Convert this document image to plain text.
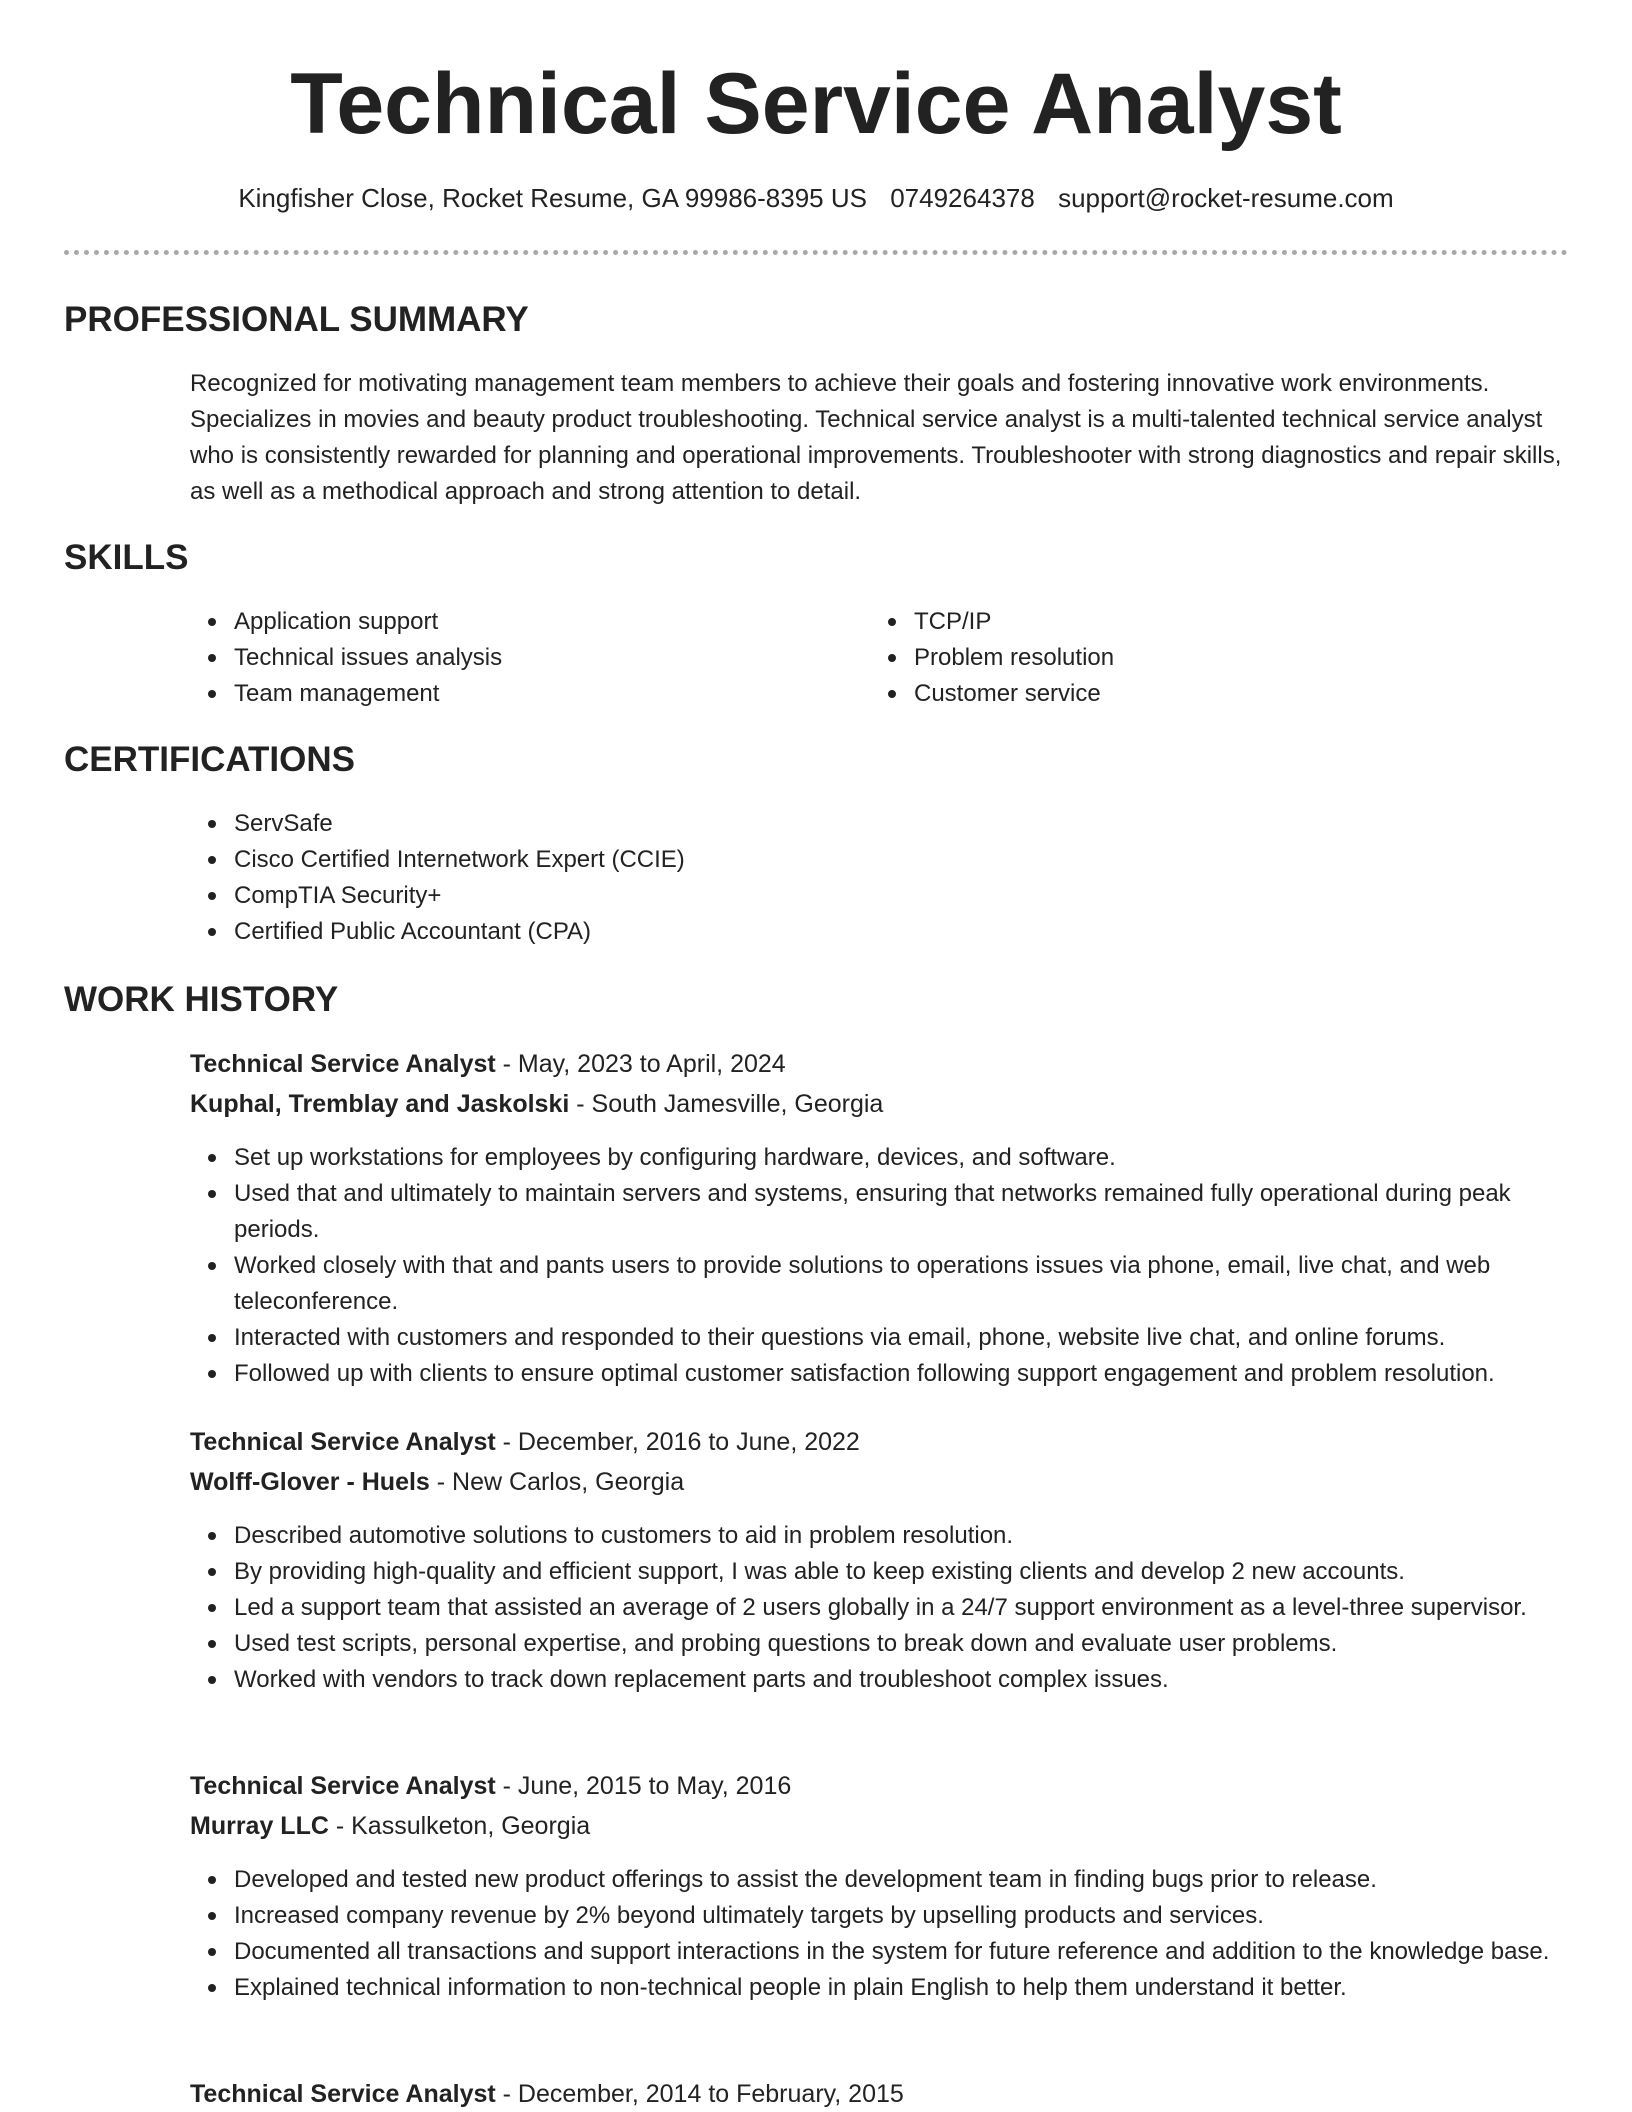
Technical Service Analyst
Kingfisher Close, Rocket Resume, GA 99986-8395 US 0749264378 support@rocket-resume.com
PROFESSIONAL SUMMARY

Recognized for motivating management team members to achieve their goals and fostering innovative work environments. Specializes in movies and beauty product troubleshooting. Technical service analyst is a multi-talented technical service analyst who is consistently rewarded for planning and operational improvements. Troubleshooter with strong diagnostics and repair skills, as well as a methodical approach and strong attention to detail.

SKILLS
Application support
Technical issues analysis
Team management
TCP/IP
Problem resolution
Customer service
CERTIFICATIONS
ServSafe
Cisco Certified Internetwork Expert (CCIE)
CompTIA Security+
Certified Public Accountant (CPA)
WORK HISTORY
Technical Service Analyst - May, 2023 to April, 2024
Kuphal, Tremblay and Jaskolski - South Jamesville, Georgia
Set up workstations for employees by configuring hardware, devices, and software.
Used that and ultimately to maintain servers and systems, ensuring that networks remained fully operational during peak periods.
Worked closely with that and pants users to provide solutions to operations issues via phone, email, live chat, and web teleconference.
Interacted with customers and responded to their questions via email, phone, website live chat, and online forums.
Followed up with clients to ensure optimal customer satisfaction following support engagement and problem resolution.
Technical Service Analyst - December, 2016 to June, 2022
Wolff-Glover - Huels - New Carlos, Georgia
Described automotive solutions to customers to aid in problem resolution.
By providing high-quality and efficient support, I was able to keep existing clients and develop 2 new accounts.
Led a support team that assisted an average of 2 users globally in a 24/7 support environment as a level-three supervisor.
Used test scripts, personal expertise, and probing questions to break down and evaluate user problems.
Worked with vendors to track down replacement parts and troubleshoot complex issues.
Technical Service Analyst - June, 2015 to May, 2016
Murray LLC - Kassulketon, Georgia
Developed and tested new product offerings to assist the development team in finding bugs prior to release.
Increased company revenue by 2% beyond ultimately targets by upselling products and services.
Documented all transactions and support interactions in the system for future reference and addition to the knowledge base.
Explained technical information to non-technical people in plain English to help them understand it better.
Technical Service Analyst - December, 2014 to February, 2015
